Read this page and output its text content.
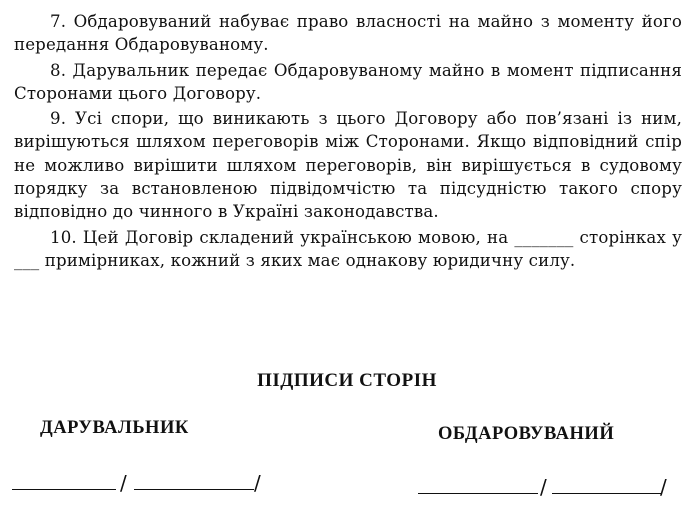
7. Обдаровуваний набуває право власності на майно з моменту його передання Обдаровуваному.

8. Дарувальник передає Обдаровуваному майно в момент підписання Сторонами цього Договору.

9. Усі спори, що виникають з цього Договору або пов’язані із ним, вирішуються шляхом переговорів між Сторонами. Якщо відповідний спір не можливо вирішити шляхом переговорів, він вирішується в судовому порядку за встановленою підвідомчістю та підсудністю такого спору відповідно до чинного в Україні законодавства.

10. Цей Договір складений українською мовою, на _______ сторінках у ___ примірниках, кожний з яких має однакову юридичну силу.

ПІДПИСИ СТОРІН
ДАРУВАЛЬНИК	ОБДАРОВУВАНИЙ
/	/	/	/
